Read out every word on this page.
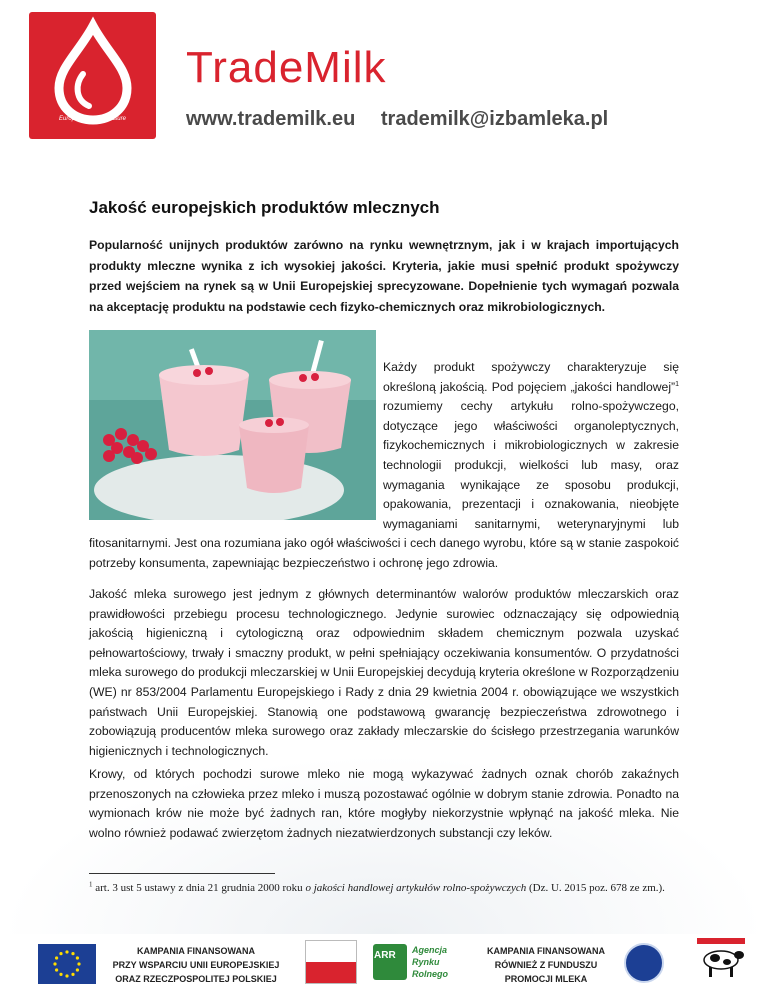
European Dairy Treasure
TradeMilk
www.trademilk.eu trademilk@izbamleka.pl
Jakość europejskich produktów mlecznych
Popularność unijnych produktów zarówno na rynku wewnętrznym, jak i w krajach importujących produkty mleczne wynika z ich wysokiej jakości. Kryteria, jakie musi spełnić produkt spożywczy przed wejściem na rynek są w Unii Europejskiej sprecyzowane. Dopełnienie tych wymagań pozwala na akceptację produktu na podstawie cech fizyko-chemicznych oraz mikrobiologicznych.
Każdy produkt spożywczy charakteryzuje się określoną jakością. Pod pojęciem „jakości handlowej”$^1$ rozumiemy cechy artykułu rolno-spożywczego, dotyczące jego właściwości organoleptycznych, fizykochemicznych i mikrobiologicznych w zakresie technologii produkcji, wielkości lub masy, oraz wymagania wynikające ze sposobu produkcji, opakowania, prezentacji i oznakowania, nieobjęte wymaganiami sanitarnymi, weterynaryjnymi lub fitosanitarnymi. Jest ona rozumiana jako ogół właściwości i cech danego wyrobu, które są w stanie zaspokoić potrzeby konsumenta, zapewniając bezpieczeństwo i ochronę jego zdrowia.
Jakość mleka surowego jest jednym z głównych determinantów walorów produktów mleczarskich oraz prawidłowości przebiegu procesu technologicznego. Jedynie surowiec odznaczający się odpowiednią jakością higieniczną i cytologiczną oraz odpowiednim składem chemicznym pozwala uzyskać pełnowartościowy, trwały i smaczny produkt, w pełni spełniający oczekiwania konsumentów. O przydatności mleka surowego do produkcji mleczarskiej w Unii Europejskiej decydują kryteria określone w Rozporządzeniu (WE) nr 853/2004 Parlamentu Europejskiego i Rady z dnia 29 kwietnia 2004 r. obowiązujące we wszystkich państwach Unii Europejskiej. Stanowią one podstawową gwarancję bezpieczeństwa zdrowotnego i zobowiązują producentów mleka surowego oraz zakłady mleczarskie do ścisłego przestrzegania warunków higienicznych i technologicznych.
Krowy, od których pochodzi surowe mleko nie mogą wykazywać żadnych oznak chorób zakaźnych przenoszonych na człowieka przez mleko i muszą pozostawać ogólnie w dobrym stanie zdrowia. Ponadto na wymionach krów nie może być żadnych ran, które mogłyby niekorzystnie wpłynąć na jakość mleka. Nie wolno również podawać zwierzętom żadnych niezatwierdzonych substancji czy leków.
$^1$ art. 3 ust 5 ustawy z dnia 21 grudnia 2000 roku o jakości handlowej artykułów rolno-spożywczych (Dz. U. 2015 poz. 678 ze zm.).
KAMPANIA FINANSOWANA
PRZY WSPARCIU UNII EUROPEJSKIEJ
ORAZ RZECZPOSPOLITEJ POLSKIEJ
ARR Agencja
Rynku
Rolnego
KAMPANIA FINANSOWANA
RÓWNIEŻ Z FUNDUSZU
PROMOCJI MLEKA
